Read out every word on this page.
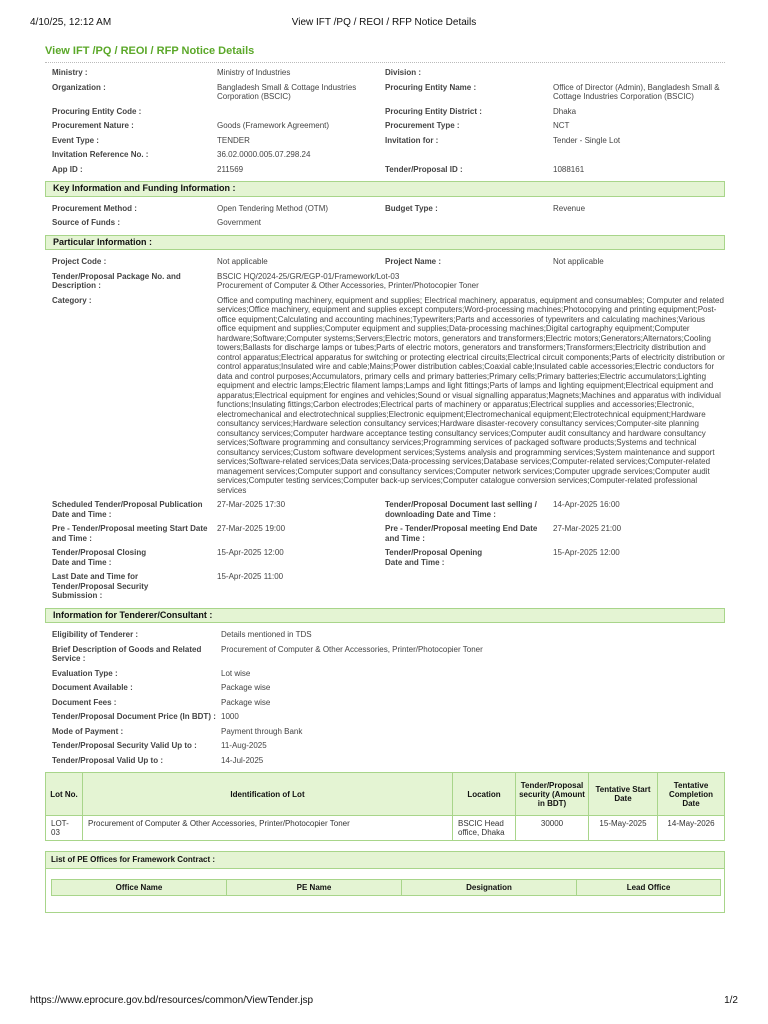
4/10/25, 12:12 AM	View IFT /PQ / REOI / RFP Notice Details
View IFT /PQ / REOI / RFP Notice Details
Ministry :	Ministry of Industries	Division :
Organization :	Bangladesh Small & Cottage Industries Corporation (BSCIC)
Procuring Entity Name :	Office of Director (Admin), Bangladesh Small & Cottage Industries Corporation (BSCIC)
Procuring Entity Code :	Procuring Entity District :	Dhaka
Procurement Nature :	Goods (Framework Agreement)	Procurement Type :	NCT
Event Type :	TENDER	Invitation for :	Tender - Single Lot
Invitation Reference No. :	36.02.0000.005.07.298.24
App ID :	211569	Tender/Proposal ID :	1088161
Key Information and Funding Information :
Procurement Method :	Open Tendering Method (OTM)	Budget Type :	Revenue
Source of Funds :	Government
Particular Information :
Project Code :	Not applicable	Project Name :	Not applicable
Tender/Proposal Package No. and Description :
BSCIC HQ/2024-25/GR/EGP-01/Framework/Lot-03
Procurement of Computer & Other Accessories, Printer/Photocopier Toner
Category :	Office and computing machinery, equipment and supplies; Electrical machinery, apparatus, equipment and consumables; Computer and related services;Office machinery, equipment and supplies except computers;Word-processing machines;Photocopying and printing equipment;Post-office equipment;Calculating and accounting machines;Typewriters;Parts and accessories of typewriters and calculating machines;Various office equipment and supplies;Computer equipment and supplies;Data-processing machines;Digital cartography equipment;Computer hardware;Software;Computer systems;Servers;Electric motors, generators and transformers;Electric motors;Generators;Alternators;Cooling towers;Ballasts for discharge lamps or tubes;Parts of electric motors, generators and transformers;Transformers;Electricity distribution and control apparatus;Electrical apparatus for switching or protecting electrical circuits;Electrical circuit components;Parts of electricity distribution or control apparatus;Insulated wire and cable;Mains;Power distribution cables;Coaxial cable;Insulated cable accessories;Electric conductors for data and control purposes;Accumulators, primary cells and primary batteries;Primary cells;Primary batteries;Electric accumulators;Lighting equipment and electric lamps;Electric filament lamps;Lamps and light fittings;Parts of lamps and lighting equipment;Electrical equipment and apparatus;Electrical equipment for engines and vehicles;Sound or visual signalling apparatus;Magnets;Machines and apparatus with individual functions;Insulating fittings;Carbon electrodes;Electrical parts of machinery or apparatus;Electrical supplies and accessories;Electronic, electromechanical and electrotechnical supplies;Electronic equipment;Electromechanical equipment;Electrotechnical equipment;Hardware consultancy services;Hardware selection consultancy services;Hardware disaster-recovery consultancy services;Computer-site planning consultancy services;Computer hardware acceptance testing consultancy services;Computer audit consultancy and hardware consultancy services;Software programming and consultancy services;Programming services of packaged software products;Systems and technical consultancy services;Custom software development services;Systems analysis and programming services;System maintenance and support services;Software-related services;Data services;Data-processing services;Database services;Computer-related services;Computer-related management services;Computer support and consultancy services;Computer network services;Computer upgrade services;Computer audit services;Computer testing services;Computer back-up services;Computer catalogue conversion services;Computer-related professional services
Scheduled Tender/Proposal Publication Date and Time :
27-Mar-2025 17:30	Tender/Proposal Document last selling /
downloading Date and Time :
14-Apr-2025 16:00
Pre - Tender/Proposal meeting Start Date and Time :
27-Mar-2025 19:00	Pre - Tender/Proposal meeting End Date and Time :
27-Mar-2025 21:00
Tender/Proposal Closing
Date and Time :
15-Apr-2025 12:00	Tender/Proposal Opening
Date and Time :
15-Apr-2025 12:00
Last Date and Time for Tender/Proposal Security Submission :
15-Apr-2025 11:00
Information for Tenderer/Consultant :
Eligibility of Tenderer :	Details mentioned in TDS
Brief Description of Goods and Related Service :
Procurement of Computer & Other Accessories, Printer/Photocopier Toner
Evaluation Type :	Lot wise
Document Available :	Package wise
Document Fees :	Package wise
Tender/Proposal Document Price (In BDT) : 1000
Mode of Payment :	Payment through Bank
Tender/Proposal Security Valid Up to :	11-Aug-2025
Tender/Proposal Valid Up to :	14-Jul-2025
Lot No.	Identification of Lot	Location	Tender/Proposal security (Amount in BDT)	Tentative Start Date	Tentative Completion Date
LOT-03	Procurement of Computer & Other Accessories, Printer/Photocopier Toner	BSCIC Head office, Dhaka	30000	15-May-2025	14-May-2026
List of PE Offices for Framework Contract :
Office Name	PE Name	Designation	Lead Office
https://www.eprocure.gov.bd/resources/common/ViewTender.jsp	1/2
